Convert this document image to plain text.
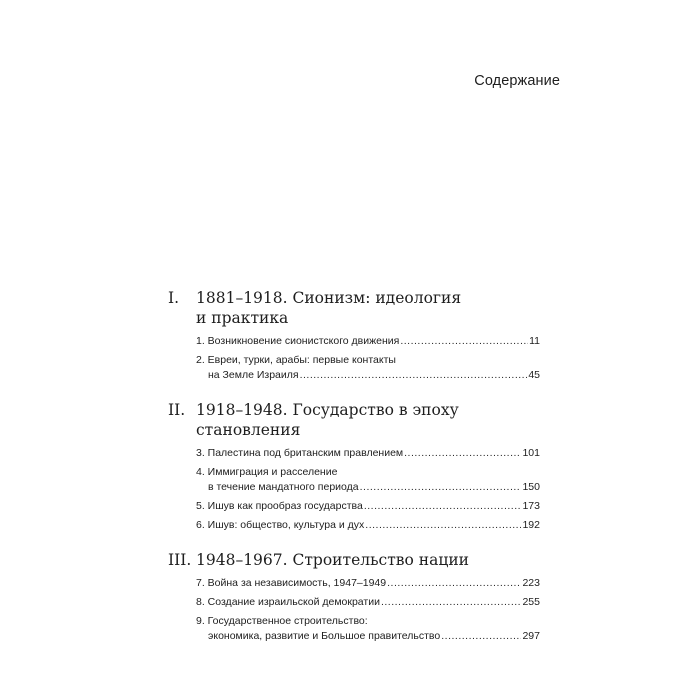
Содержание
I.	1881–1918. Сионизм: идеология
и практика
1. Возникновение сионистского движения .....	11
2. Евреи, турки, арабы: первые контакты
на Земле Израиля .....	45
II. 1918–1948. Государство в эпоху становления
3. Палестина под британским правлением .....	101
4. Иммиграция и расселение
в течение мандатного периода .....	150
5. Ишув как прообраз государства .....	173
6. Ишув: общество, культура и дух .....	192
III. 1948–1967. Строительство нации
7. Война за независимость, 1947–1949 .....	223
8. Создание израильской демократии .....	255
9. Государственное строительство:
экономика, развитие и Большое правительство .....	297
